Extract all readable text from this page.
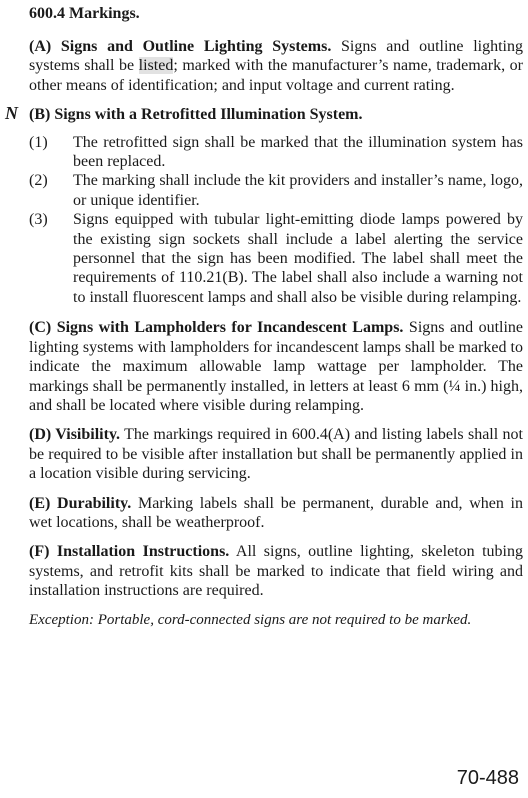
600.4 Markings.

(A) Signs and Outline Lighting Systems. Signs and outline lighting systems shall be listed; marked with the manufacturer’s name, trademark, or other means of identification; and input voltage and current rating.

N (B) Signs with a Retrofitted Illumination System.
(1)	The retrofitted sign shall be marked that the illumination system has been replaced.
(2)	The marking shall include the kit providers and installer’s name, logo, or unique identifier.
(3)	Signs equipped with tubular light-emitting diode lamps powered by the existing sign sockets shall include a label alerting the service personnel that the sign has been modified. The label shall meet the requirements of 110.21(B). The label shall also include a warning not to install fluorescent lamps and shall also be visible during relamping.

(C) Signs with Lampholders for Incandescent Lamps. Signs and outline lighting systems with lampholders for incandescent lamps shall be marked to indicate the maximum allowable lamp wattage per lampholder. The markings shall be permanently installed, in letters at least 6 mm (¼ in.) high, and shall be located where visible during relamping.

(D) Visibility. The markings required in 600.4(A) and listing labels shall not be required to be visible after installation but shall be permanently applied in a location visible during servicing.

(E) Durability. Marking labels shall be permanent, durable and, when in wet locations, shall be weatherproof.

(F) Installation Instructions. All signs, outline lighting, skeleton tubing systems, and retrofit kits shall be marked to indicate that field wiring and installation instructions are required.

Exception: Portable, cord-connected signs are not required to be marked.

70-488
